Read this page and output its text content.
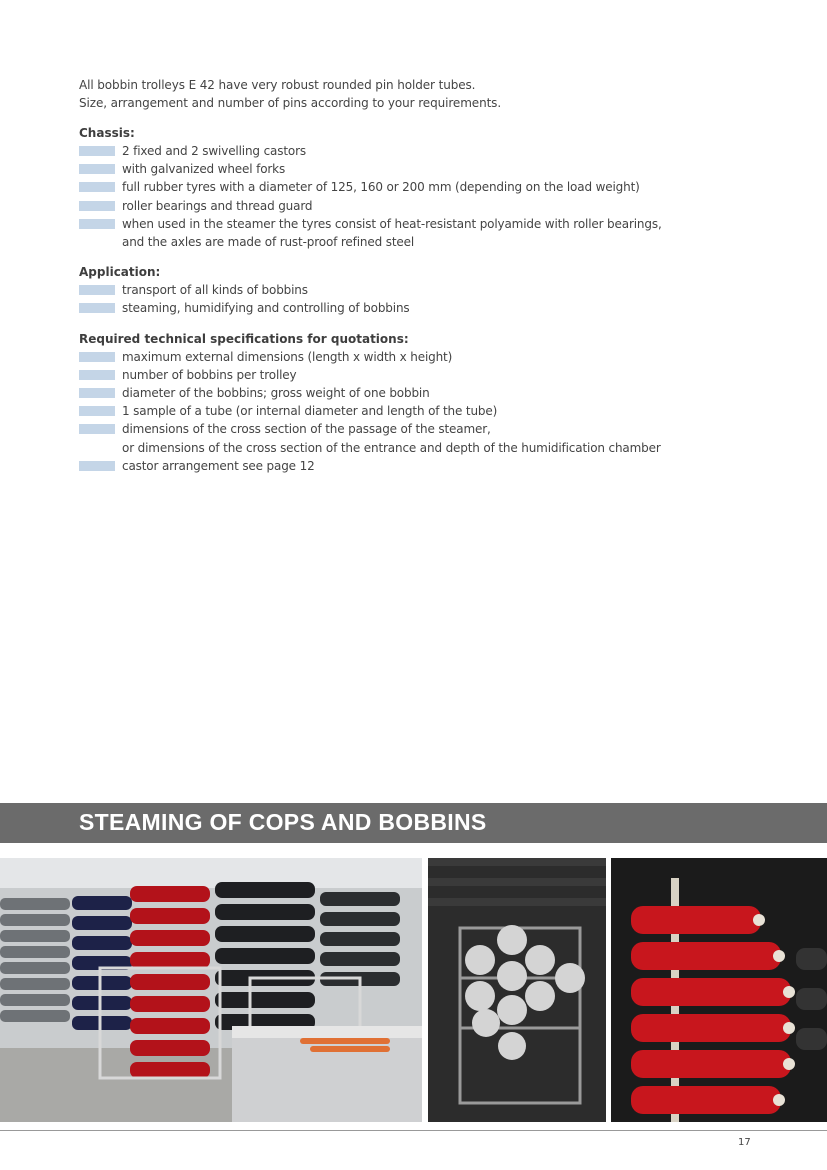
All bobbin trolleys E 42 have very robust rounded pin holder tubes.

Size, arrangement and number of pins according to your requirements.

Chassis:
2 fixed and 2 swivelling castors
with galvanized wheel forks
full rubber tyres with a diameter of 125, 160 or 200 mm (depending on the load weight)
roller bearings and thread guard
when used in the steamer the tyres consist of heat-resistant polyamide with roller bearings,
and the axles are made of rust-proof refined steel
Application:
transport of all kinds of bobbins
steaming, humidifying and controlling of bobbins
Required technical specifications for quotations:
maximum external dimensions (length x width x height)
number of bobbins per trolley
diameter of the bobbins; gross weight of one bobbin
1 sample of a tube (or internal diameter and length of the tube)
dimensions of the cross section of the passage of the steamer,
or dimensions of the cross section of the entrance and depth of the humidification chamber
castor arrangement see page 12
STEAMING OF COPS AND BOBBINS
17
